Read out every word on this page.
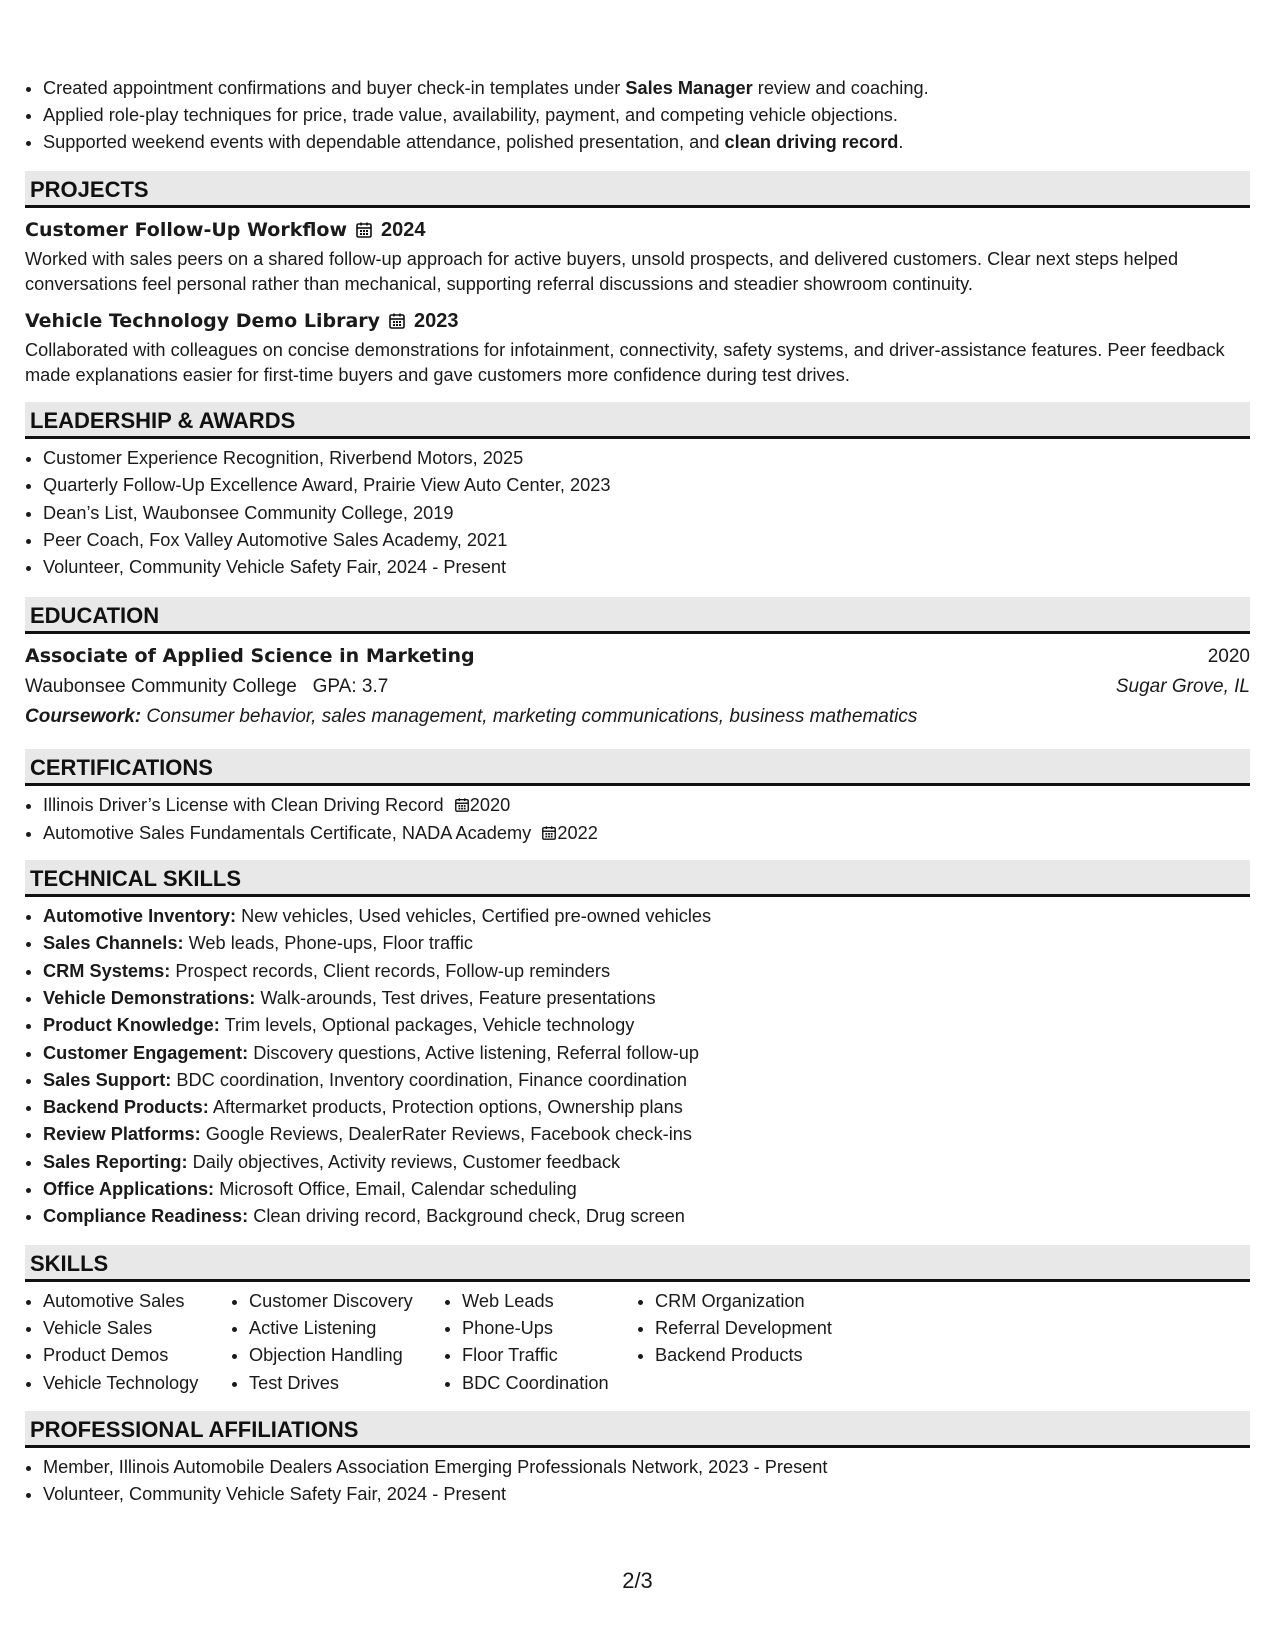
• Created appointment confirmations and buyer check-in templates under Sales Manager review and coaching.
• Applied role-play techniques for price, trade value, availability, payment, and competing vehicle objections.
• Supported weekend events with dependable attendance, polished presentation, and clean driving record.
PROJECTS
Customer Follow-Up Workflow 2024

Worked with sales peers on a shared follow-up approach for active buyers, unsold prospects, and delivered customers. Clear next steps helped conversations feel personal rather than mechanical, supporting referral discussions and steadier showroom continuity.

Vehicle Technology Demo Library 2023

Collaborated with colleagues on concise demonstrations for infotainment, connectivity, safety systems, and driver-assistance features. Peer feedback made explanations easier for first-time buyers and gave customers more confidence during test drives.

LEADERSHIP & AWARDS
• Customer Experience Recognition, Riverbend Motors, 2025
• Quarterly Follow-Up Excellence Award, Prairie View Auto Center, 2023
• Dean’s List, Waubonsee Community College, 2019
• Peer Coach, Fox Valley Automotive Sales Academy, 2021
• Volunteer, Community Vehicle Safety Fair, 2024 - Present
EDUCATION
Associate of Applied Science in Marketing	2020
Waubonsee Community College GPA: 3.7	Sugar Grove, IL
Coursework: Consumer behavior, sales management, marketing communications, business mathematics
CERTIFICATIONS
• Illinois Driver’s License with Clean Driving Record 2020
• Automotive Sales Fundamentals Certificate, NADA Academy 2022
TECHNICAL SKILLS
• Automotive Inventory: New vehicles, Used vehicles, Certified pre-owned vehicles
• Sales Channels: Web leads, Phone-ups, Floor traffic
• CRM Systems: Prospect records, Client records, Follow-up reminders
• Vehicle Demonstrations: Walk-arounds, Test drives, Feature presentations
• Product Knowledge: Trim levels, Optional packages, Vehicle technology
• Customer Engagement: Discovery questions, Active listening, Referral follow-up
• Sales Support: BDC coordination, Inventory coordination, Finance coordination
• Backend Products: Aftermarket products, Protection options, Ownership plans
• Review Platforms: Google Reviews, DealerRater Reviews, Facebook check-ins
• Sales Reporting: Daily objectives, Activity reviews, Customer feedback
• Office Applications: Microsoft Office, Email, Calendar scheduling
• Compliance Readiness: Clean driving record, Background check, Drug screen
SKILLS
• Automotive Sales
• Vehicle Sales
• Product Demos
• Vehicle Technology
• Customer Discovery
• Active Listening
• Objection Handling
• Test Drives
• Web Leads
• Phone-Ups
• Floor Traffic
• BDC Coordination
• CRM Organization
• Referral Development
• Backend Products
PROFESSIONAL AFFILIATIONS
• Member, Illinois Automobile Dealers Association Emerging Professionals Network, 2023 - Present
• Volunteer, Community Vehicle Safety Fair, 2024 - Present
2/3
